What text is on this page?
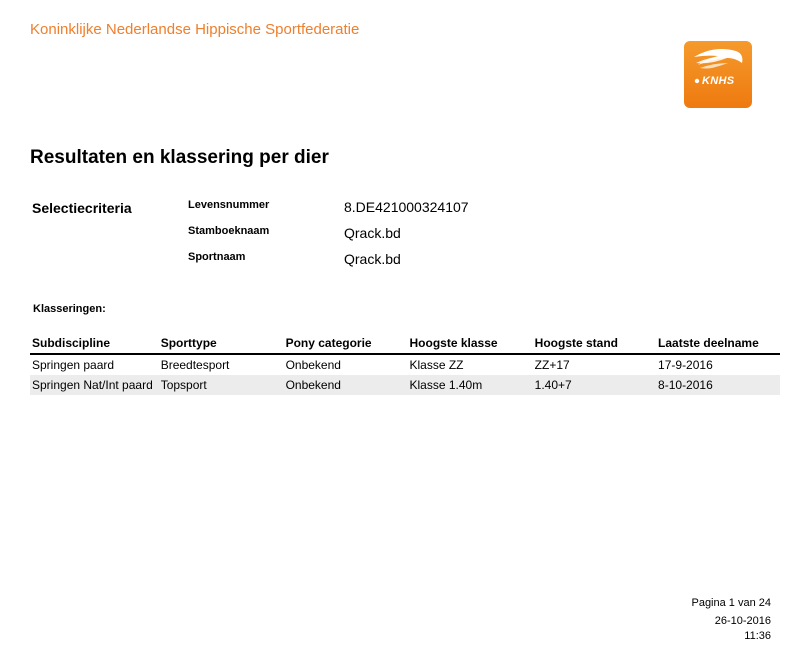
Koninklijke Nederlandse Hippische Sportfederatie
KNHS
Resultaten en klassering per dier
Selectiecriteria	Levensnummer	8.DE421000324107
Stamboeknaam	Qrack.bd
Sportnaam	Qrack.bd
Klasseringen:
Subdiscipline	Sporttype	Pony categorie	Hoogste klasse	Hoogste stand	Laatste deelname
Springen paard	Breedtesport	Onbekend	Klasse ZZ	ZZ+17	17-9-2016
Springen Nat/Int paard	Topsport	Onbekend	Klasse 1.40m	1.40+7	8-10-2016
Pagina 1 van 24
26-10-2016
11:36
